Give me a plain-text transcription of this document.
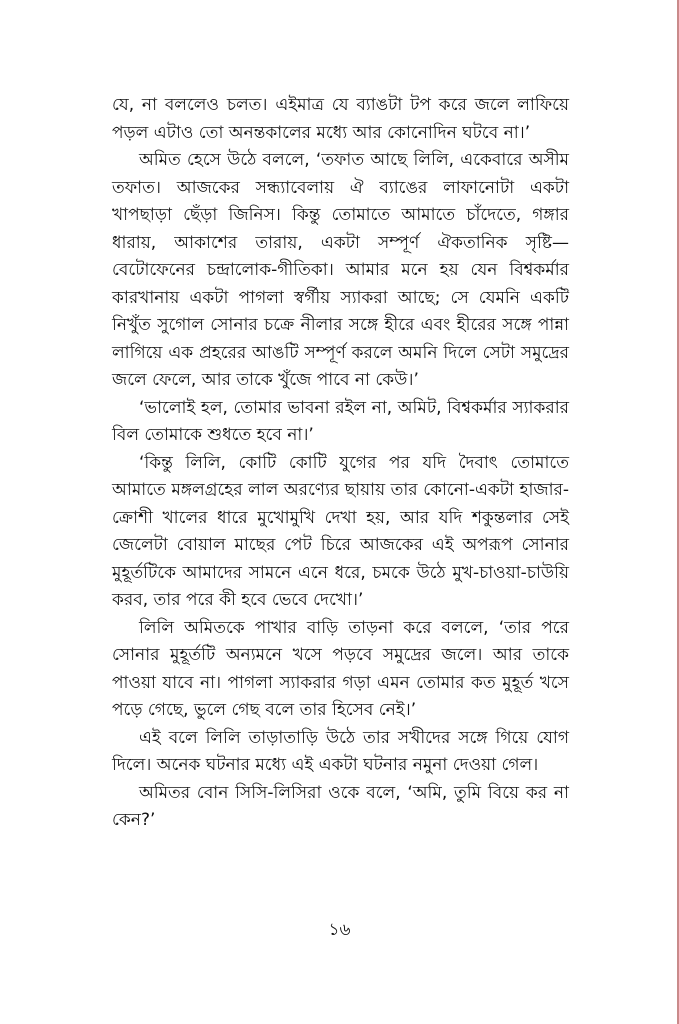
যে, না বললেও চলত। এইমাত্র যে ব্যাঙটা টপ করে জলে লাফিয়ে পড়ল এটাও তো অনন্তকালের মধ্যে আর কোনোদিন ঘটবে না।’

অমিত হেসে উঠে বললে, ‘তফাত আছে লিলি, একেবারে অসীম তফাত। আজকের সন্ধ্যাবেলায় ঐ ব্যাঙের লাফানোটা একটা খাপছাড়া ছেঁড়া জিনিস। কিন্তু তোমাতে আমাতে চাঁদেতে, গঙ্গার ধারায়, আকাশের তারায়, একটা সম্পূর্ণ ঐকতানিক সৃষ্টি—বেটোফেনের চন্দ্রালোক-গীতিকা। আমার মনে হয় যেন বিশ্বকর্মার কারখানায় একটা পাগলা স্বর্গীয় স্যাকরা আছে; সে যেমনি একটি নিখুঁত সুগোল সোনার চক্রে নীলার সঙ্গে হীরে এবং হীরের সঙ্গে পান্না লাগিয়ে এক প্রহরের আঙটি সম্পূর্ণ করলে অমনি দিলে সেটা সমুদ্রের জলে ফেলে, আর তাকে খুঁজে পাবে না কেউ।’

‘ভালোই হল, তোমার ভাবনা রইল না, অমিট, বিশ্বকর্মার স্যাকরার বিল তোমাকে শুধতে হবে না।’

‘কিন্তু লিলি, কোটি কোটি যুগের পর যদি দৈবাৎ তোমাতে আমাতে মঙ্গলগ্রহের লাল অরণ্যের ছায়ায় তার কোনো-একটা হাজার-ক্রোশী খালের ধারে মুখোমুখি দেখা হয়, আর যদি শকুন্তলার সেই জেলেটা বোয়াল মাছের পেট চিরে আজকের এই অপরূপ সোনার মুহূর্তটিকে আমাদের সামনে এনে ধরে, চমকে উঠে মুখ-চাওয়া-চাউয়ি করব, তার পরে কী হবে ভেবে দেখো।’

লিলি অমিতকে পাখার বাড়ি তাড়না করে বললে, ‘তার পরে সোনার মুহূর্তটি অন্যমনে খসে পড়বে সমুদ্রের জলে। আর তাকে পাওয়া যাবে না। পাগলা স্যাকরার গড়া এমন তোমার কত মুহূর্ত খসে পড়ে গেছে, ভুলে গেছ বলে তার হিসেব নেই।’

এই বলে লিলি তাড়াতাড়ি উঠে তার সখীদের সঙ্গে গিয়ে যোগ দিলে। অনেক ঘটনার মধ্যে এই একটা ঘটনার নমুনা দেওয়া গেল।

অমিতর বোন সিসি-লিসিরা ওকে বলে, ‘অমি, তুমি বিয়ে কর না কেন?’

১৬
